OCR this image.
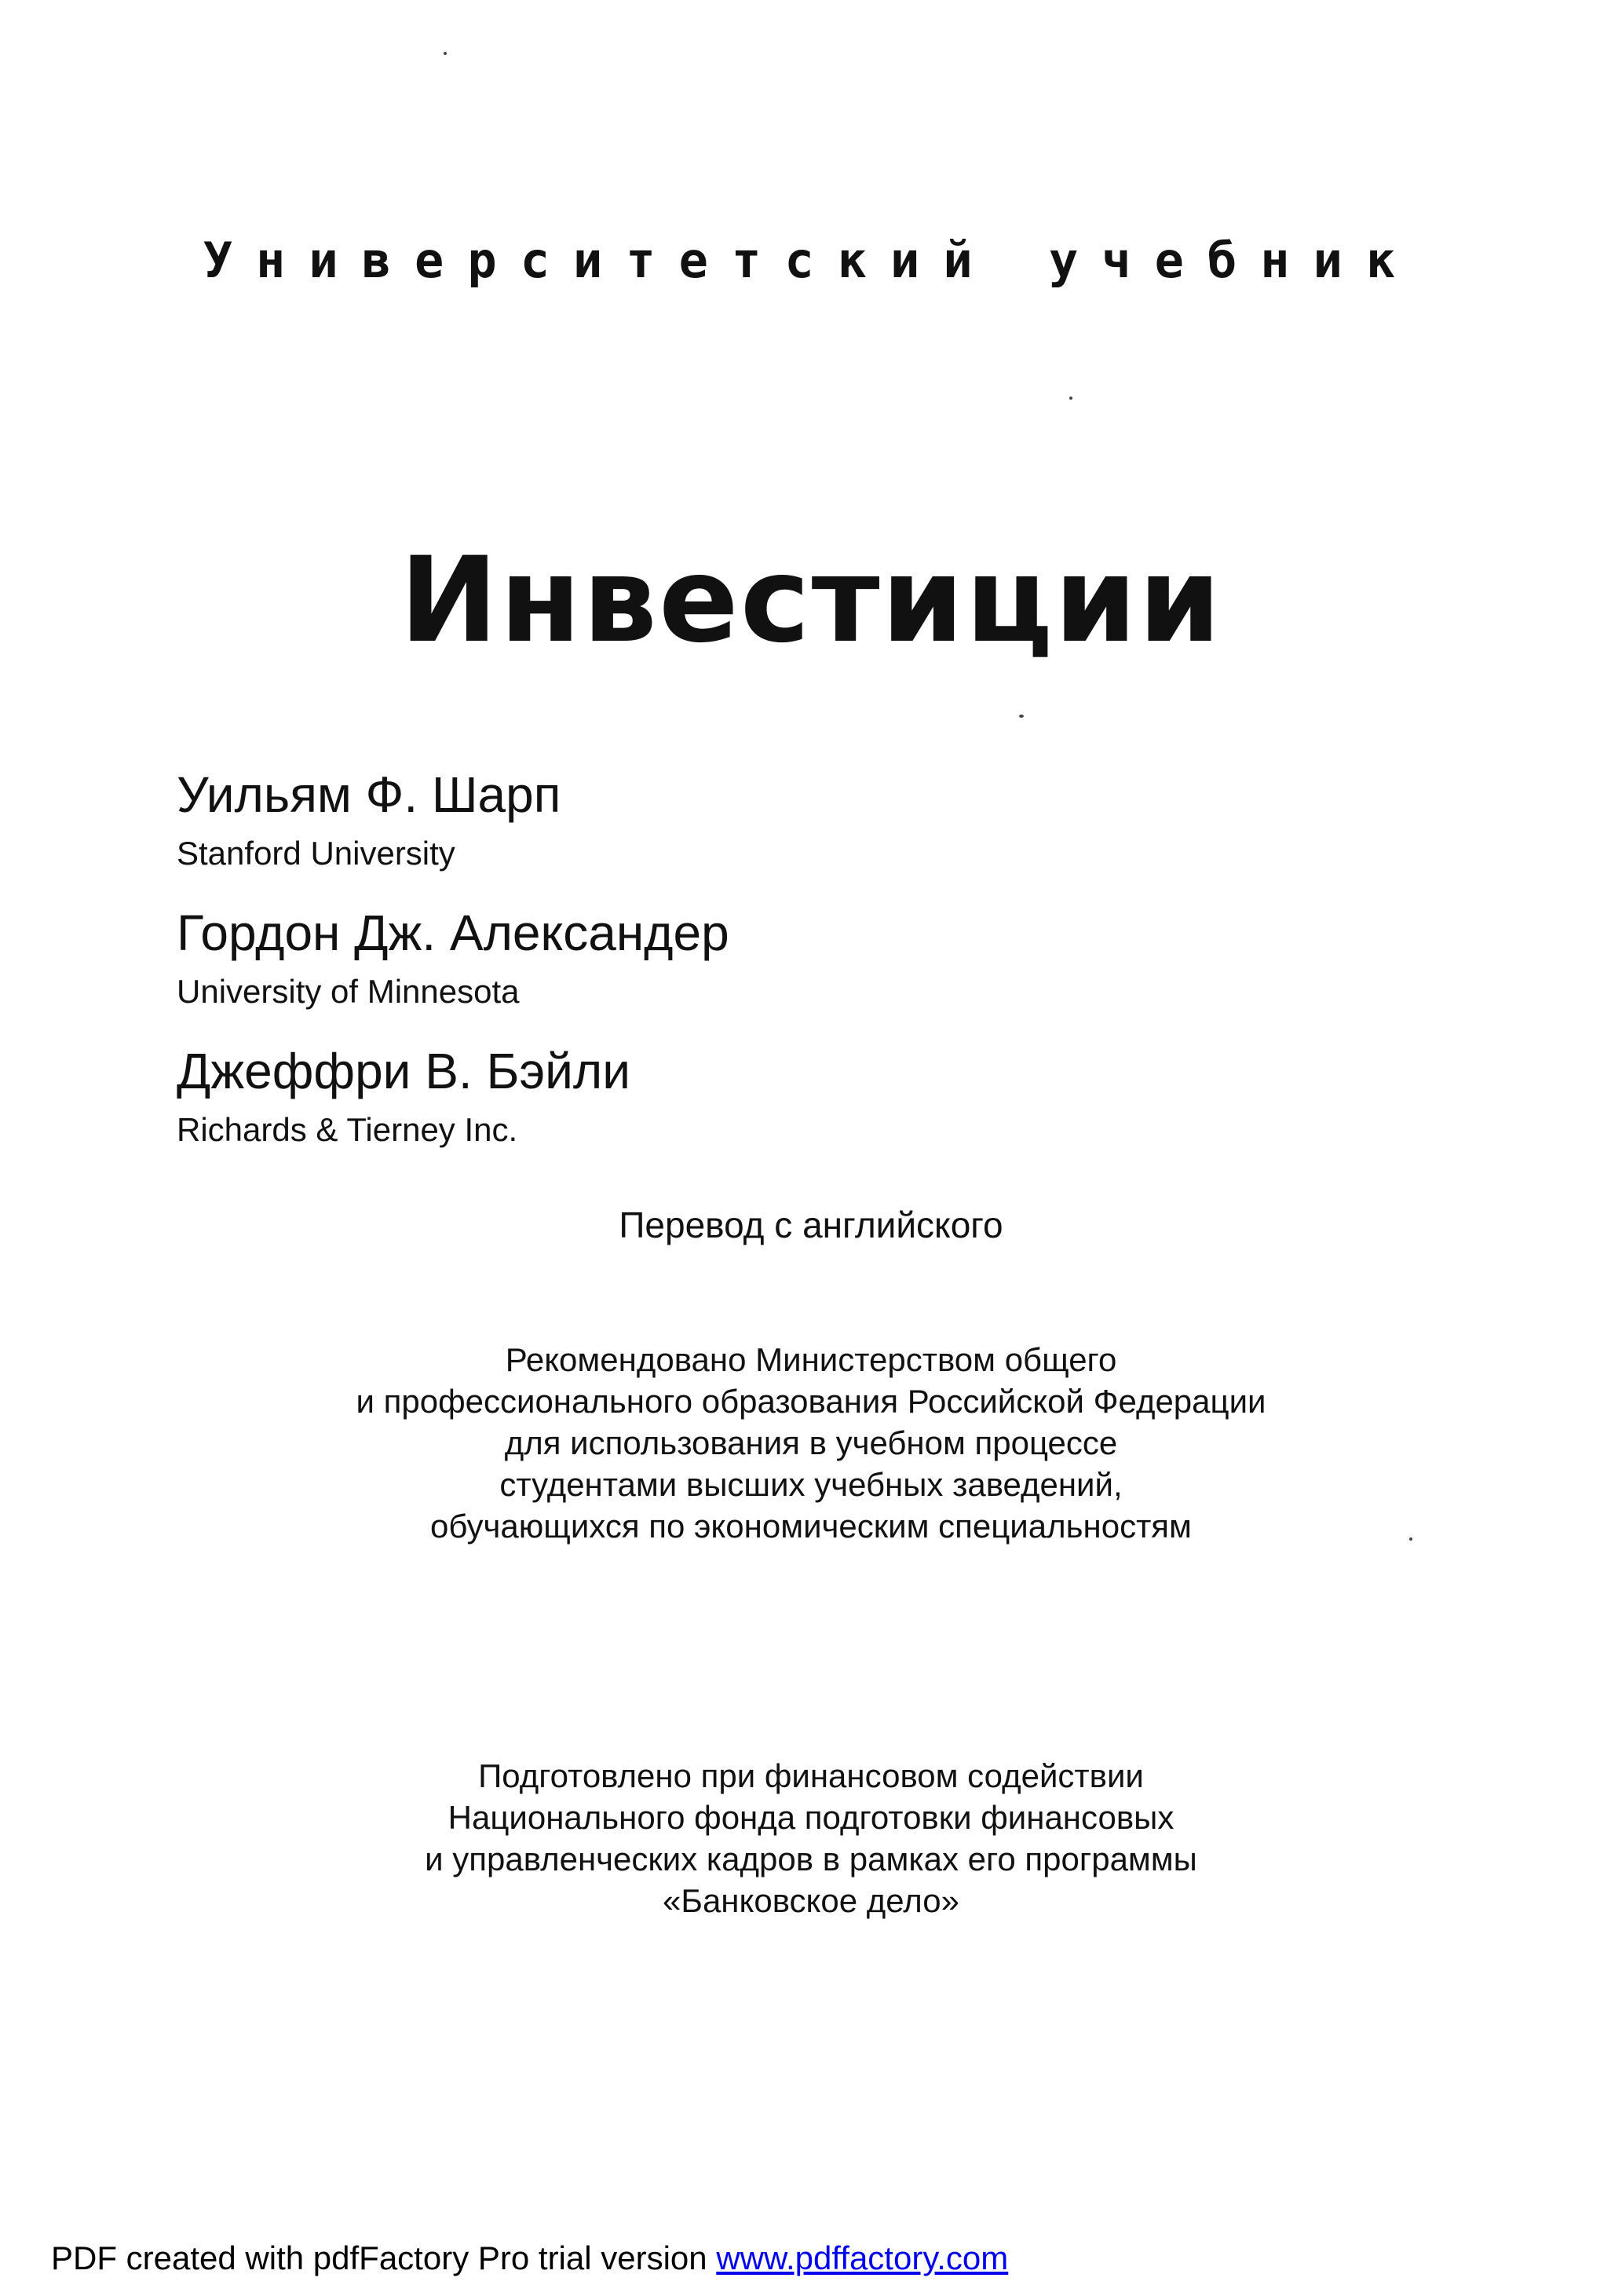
Университетский учебник
Инвестиции
Уильям Ф. Шарп
Stanford University
Гордон Дж. Александер
University of Minnesota
Джеффри В. Бэйли
Richards & Tierney Inc.
Перевод с английского
Рекомендовано Министерством общего
и профессионального образования Российской Федерации
для использования в учебном процессе
студентами высших учебных заведений,
обучающихся по экономическим специальностям
Подготовлено при финансовом содействии
Национального фонда подготовки финансовых
и управленческих кадров в рамках его программы
«Банковское дело»
PDF created with pdfFactory Pro trial version www.pdffactory.com
